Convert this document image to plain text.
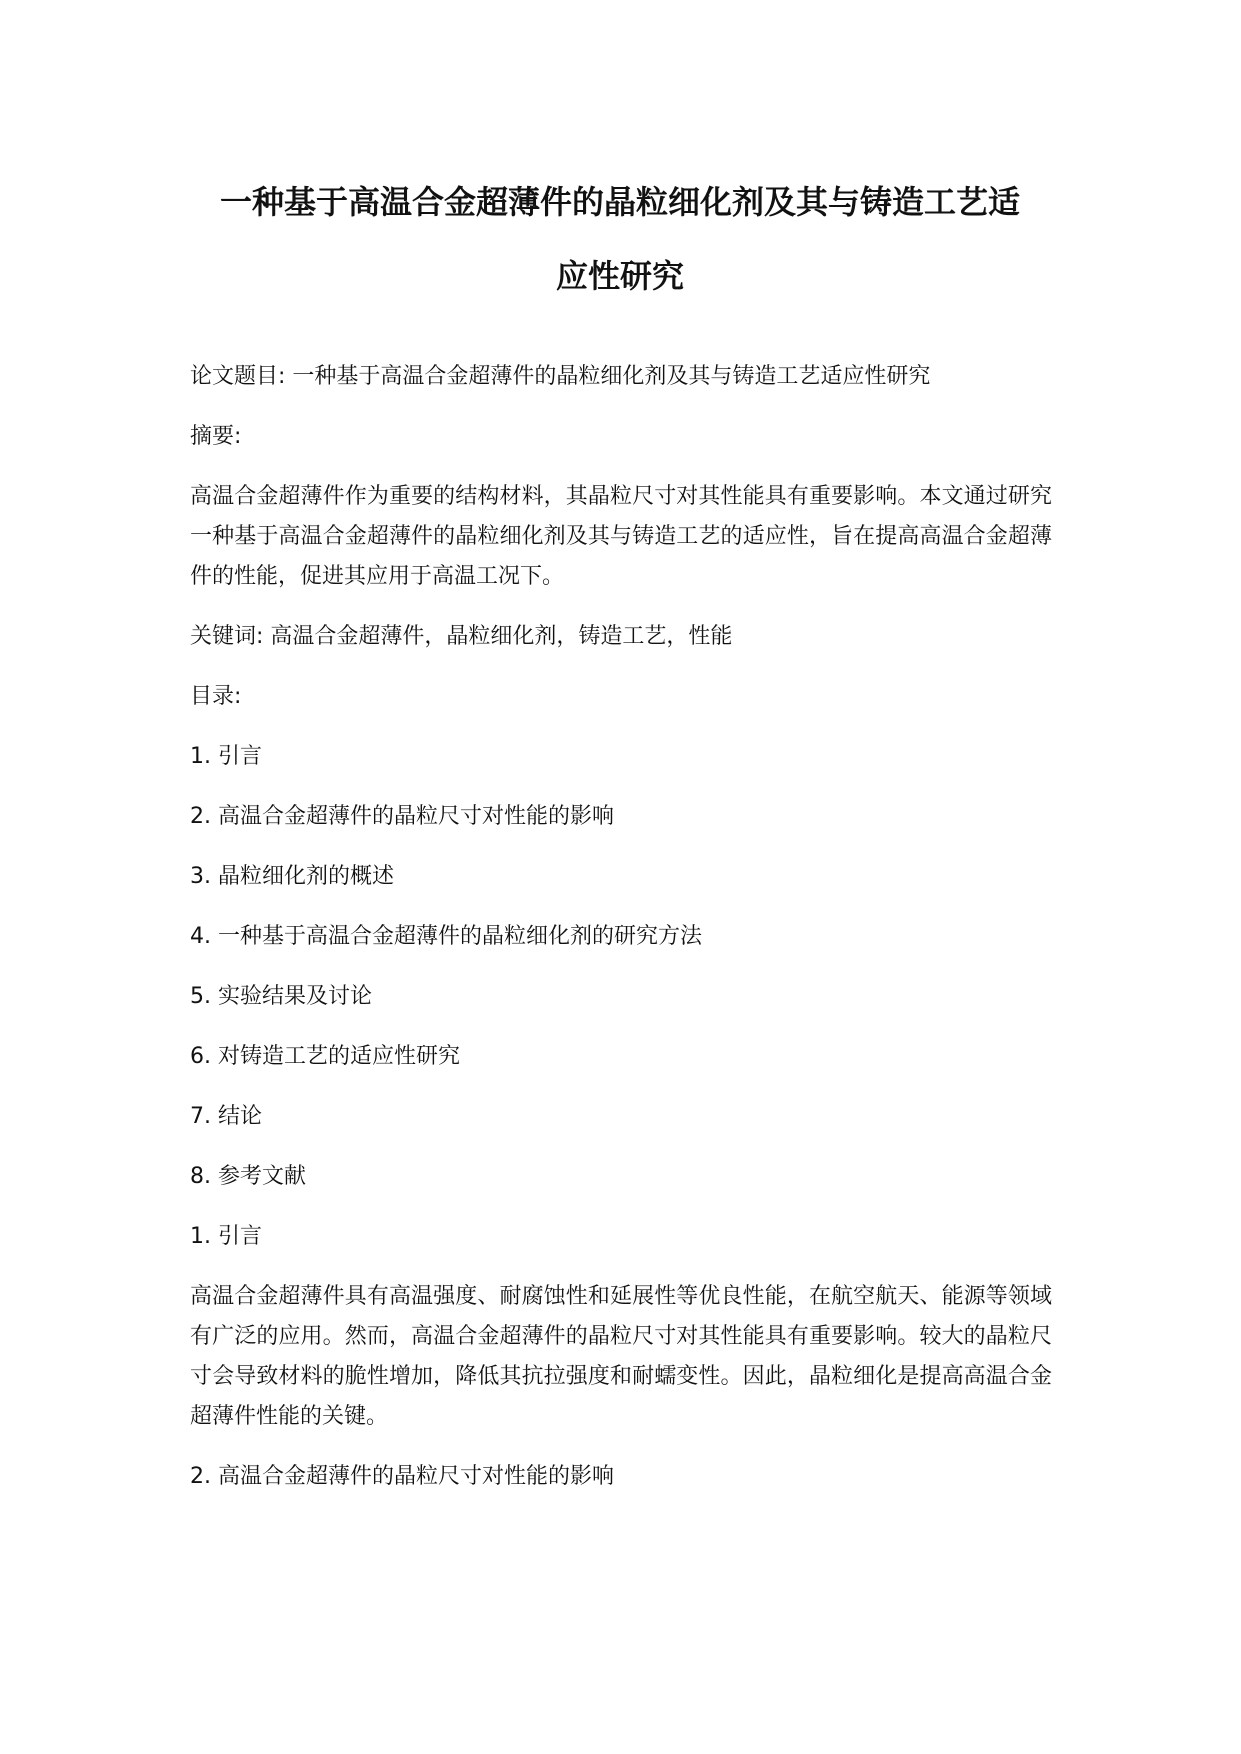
一种基于高温合金超薄件的晶粒细化剂及其与铸造工艺适
应性研究

论文题目: 一种基于高温合金超薄件的晶粒细化剂及其与铸造工艺适应性研究

摘要:

高温合金超薄件作为重要的结构材料，其晶粒尺寸对其性能具有重要影响。本文通过研究一种基于高温合金超薄件的晶粒细化剂及其与铸造工艺的适应性，旨在提高高温合金超薄件的性能，促进其应用于高温工况下。

关键词: 高温合金超薄件，晶粒细化剂，铸造工艺，性能

目录:

1. 引言
2. 高温合金超薄件的晶粒尺寸对性能的影响
3. 晶粒细化剂的概述
4. 一种基于高温合金超薄件的晶粒细化剂的研究方法
5. 实验结果及讨论
6. 对铸造工艺的适应性研究
7. 结论
8. 参考文献

1. 引言

高温合金超薄件具有高温强度、耐腐蚀性和延展性等优良性能，在航空航天、能源等领域有广泛的应用。然而，高温合金超薄件的晶粒尺寸对其性能具有重要影响。较大的晶粒尺寸会导致材料的脆性增加，降低其抗拉强度和耐蠕变性。因此，晶粒细化是提高高温合金超薄件性能的关键。

2. 高温合金超薄件的晶粒尺寸对性能的影响
